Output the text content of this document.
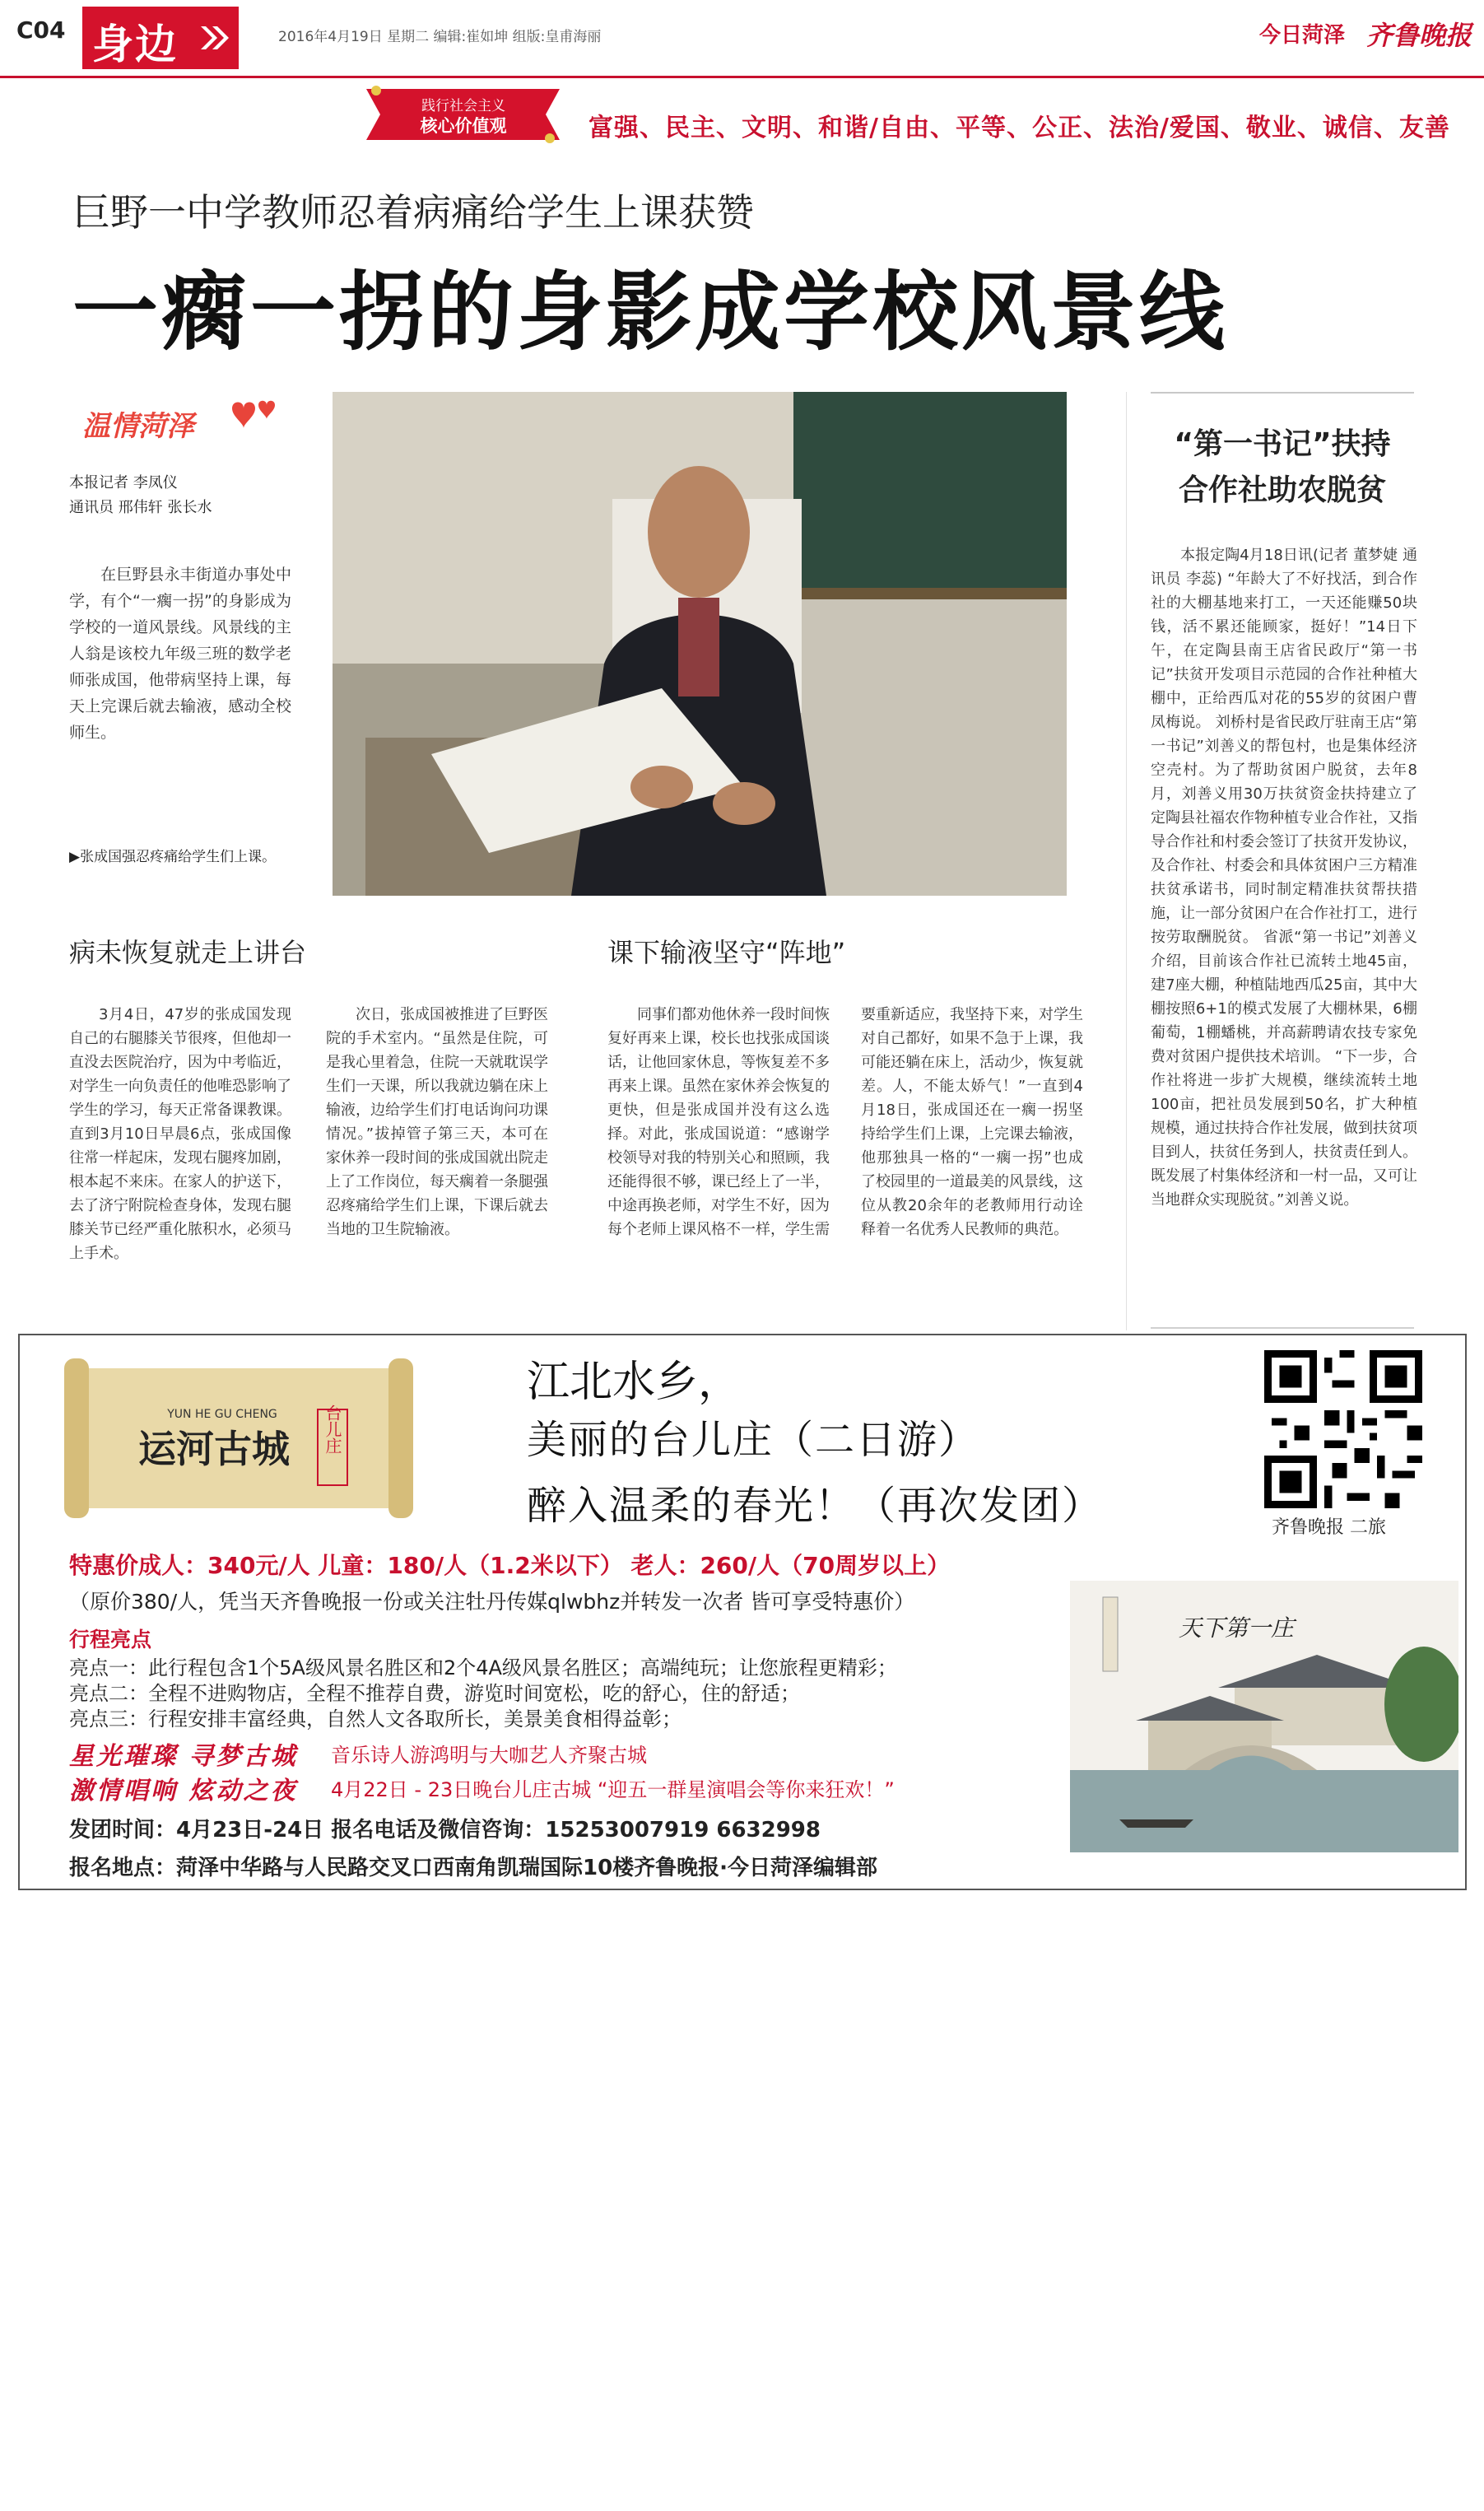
C04 身边	2016年4月19日 星期二 编辑:崔如坤 组版:皇甫海丽	今日菏泽 齐鲁晚报
践行社会主义
核心价值观	富强、民主、文明、和谐/自由、平等、公正、法治/爱国、敬业、诚信、友善
巨野一中学教师忍着病痛给学生上课获赞
一瘸一拐的身影成学校风景线
温情菏泽
本报记者 李凤仪
通讯员 邢伟轩 张长水
在巨野县永丰街道办事处中学，有个“一瘸一拐”的身影成为学校的一道风景线。风景线的主人翁是该校九年级三班的数学老师张成国，他带病坚持上课，每天上完课后就去输液，感动全校师生。
▶张成国强忍疼痛给学生们上课。
“第一书记”扶持
合作社助农脱贫
本报定陶4月18日讯(记者 董梦婕 通讯员 李蕊) “年龄大了不好找活，到合作社的大棚基地来打工，一天还能赚50块钱，活不累还能顾家，挺好！”14日下午，在定陶县南王店省民政厅“第一书记”扶贫开发项目示范园的合作社种植大棚中，正给西瓜对花的55岁的贫困户曹凤梅说。 刘桥村是省民政厅驻南王店“第一书记”刘善义的帮包村，也是集体经济空壳村。为了帮助贫困户脱贫，去年8月，刘善义用30万扶贫资金扶持建立了定陶县社福农作物种植专业合作社，又指导合作社和村委会签订了扶贫开发协议，及合作社、村委会和具体贫困户三方精准扶贫承诺书，同时制定精准扶贫帮扶措施，让一部分贫困户在合作社打工，进行按劳取酬脱贫。 省派“第一书记”刘善义介绍，目前该合作社已流转土地45亩，建7座大棚，种植陆地西瓜25亩，其中大棚按照6+1的模式发展了大棚林果，6棚葡萄，1棚蟠桃，并高薪聘请农技专家免费对贫困户提供技术培训。 “下一步，合作社将进一步扩大规模，继续流转土地100亩，把社员发展到50名，扩大种植规模，通过扶持合作社发展，做到扶贫项目到人，扶贫任务到人，扶贫责任到人。既发展了村集体经济和一村一品，又可让当地群众实现脱贫。”刘善义说。
病未恢复就走上讲台	课下输液坚守“阵地”
3月4日，47岁的张成国发现自己的右腿膝关节很疼，但他却一直没去医院治疗，因为中考临近，对学生一向负责任的他唯恐影响了学生的学习，每天正常备课教课。直到3月10日早晨6点，张成国像往常一样起床，发现右腿疼加剧，根本起不来床。在家人的护送下，去了济宁附院检查身体，发现右腿膝关节已经严重化脓积水，必须马上手术。
次日，张成国被推进了巨野医院的手术室内。“虽然是住院，可是我心里着急，住院一天就耽误学生们一天课，所以我就边躺在床上输液，边给学生们打电话询问功课情况。”拔掉管子第三天，本可在家休养一段时间的张成国就出院走上了工作岗位，每天瘸着一条腿强忍疼痛给学生们上课，下课后就去当地的卫生院输液。
同事们都劝他休养一段时间恢复好再来上课，校长也找张成国谈话，让他回家休息，等恢复差不多再来上课。虽然在家休养会恢复的更快，但是张成国并没有这么选择。对此，张成国说道：“感谢学校领导对我的特别关心和照顾，我还能得很不够，课已经上了一半，中途再换老师，对学生不好，因为每个老师上课风格不一样，学生需
要重新适应，我坚持下来，对学生对自己都好，如果不急于上课，我可能还躺在床上，活动少，恢复就差。人，不能太娇气！”一直到4月18日，张成国还在一瘸一拐坚持给学生们上课，上完课去输液，他那独具一格的“一瘸一拐”也成了校园里的一道最美的风景线，这位从教20余年的老教师用行动诠释着一名优秀人民教师的典范。
YUN HE GU CHENG
运河古城 台儿庄
江北水乡，
美丽的台儿庄（二日游）
醉入温柔的春光！（再次发团）	齐鲁晚报 二旅
特惠价成人：340元/人 儿童：180/人（1.2米以下） 老人：260/人（70周岁以上）
（原价380/人，凭当天齐鲁晚报一份或关注牡丹传媒qlwbhz并转发一次者 皆可享受特惠价）
行程亮点
亮点一：此行程包含1个5A级风景名胜区和2个4A级风景名胜区；高端纯玩；让您旅程更精彩；
亮点二：全程不进购物店，全程不推荐自费，游览时间宽松，吃的舒心，住的舒适；
亮点三：行程安排丰富经典，自然人文各取所长，美景美食相得益彰；
星光璀璨 寻梦古城
激情唱响 炫动之夜
音乐诗人游鸿明与大咖艺人齐聚古城
4月22日 - 23日晚台儿庄古城 “迎五一群星演唱会等你来狂欢！”
发团时间：4月23日-24日 报名电话及微信咨询：15253007919 6632998
报名地点：菏泽中华路与人民路交叉口西南角凯瑞国际10楼齐鲁晚报·今日菏泽编辑部
天下第一庄
